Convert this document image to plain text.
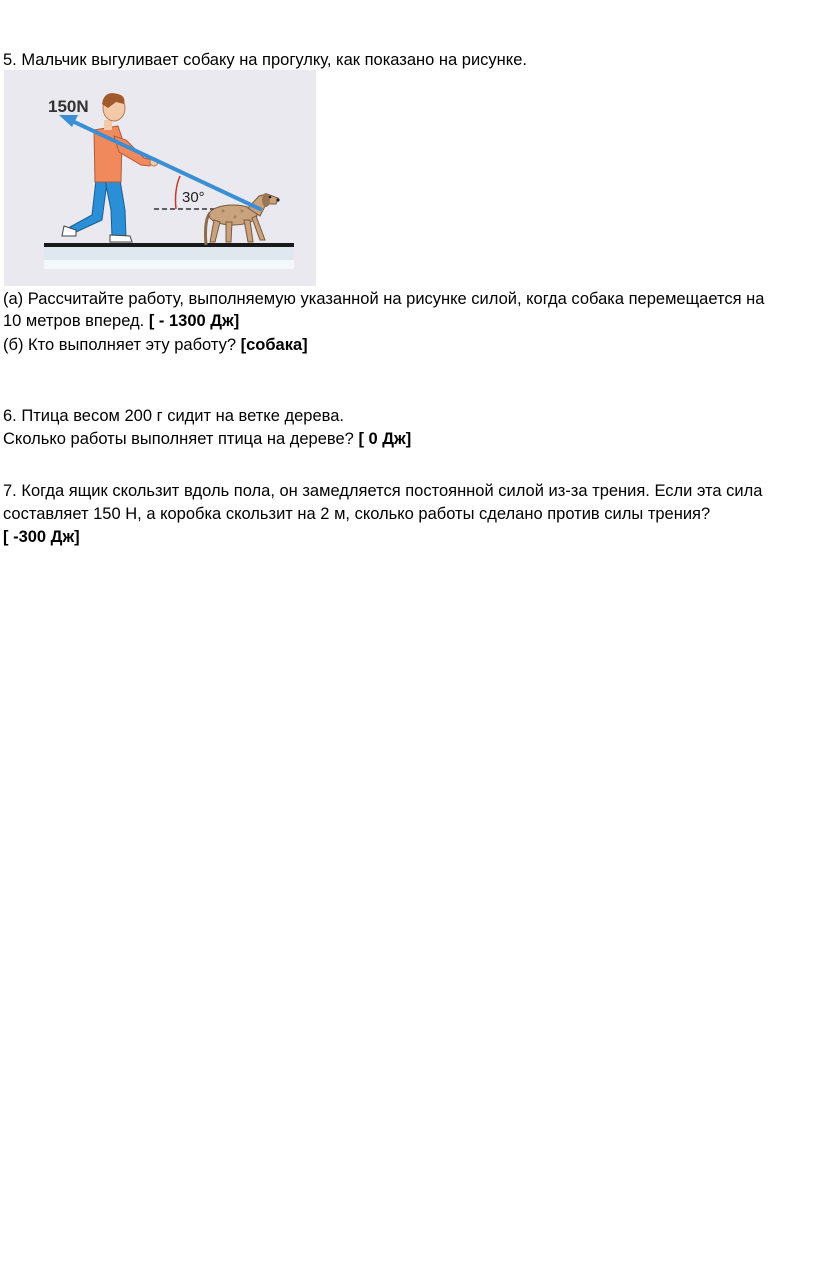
5. Мальчик выгуливает собаку на прогулку, как показано на рисунке.
30°
150N
(а) Рассчитайте работу, выполняемую указанной на рисунке силой, когда собака перемещается на
10 метров вперед. [ - 1300 Дж]
(б) Кто выполняет эту работу? [собака]
6. Птица весом 200 г сидит на ветке дерева.
Сколько работы выполняет птица на дереве? [ 0 Дж]
7. Когда ящик скользит вдоль пола, он замедляется постоянной силой из-за трения. Если эта сила
составляет 150 Н, а коробка скользит на 2 м, сколько работы сделано против силы трения?
[ -300 Дж]
